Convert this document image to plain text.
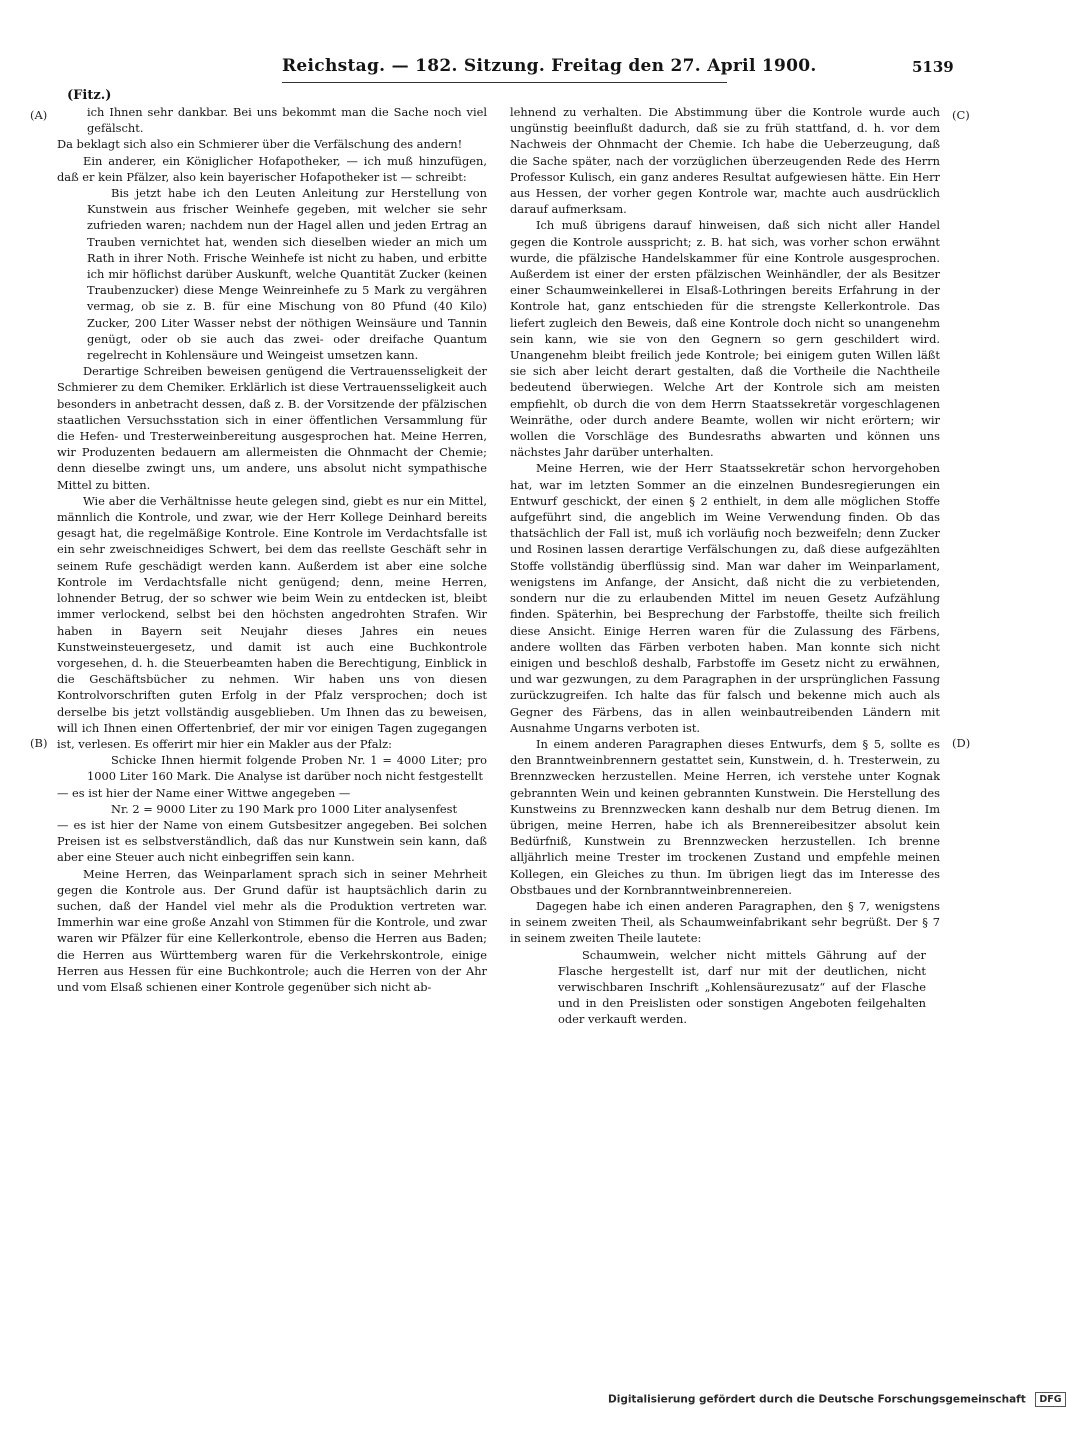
Reichstag. — 182. Sitzung. Freitag den 27. April 1900.	5139
(Fitz.)
(A)
(B)
(C)
(D)

ich Ihnen sehr dankbar. Bei uns bekommt man die Sache noch viel gefälscht.

Da beklagt sich also ein Schmierer über die Verfälschung des andern!

Ein anderer, ein Königlicher Hofapotheker, — ich muß hinzufügen, daß er kein Pfälzer, also kein bayerischer Hofapotheker ist — schreibt:

Bis jetzt habe ich den Leuten Anleitung zur Herstellung von Kunstwein aus frischer Weinhefe gegeben, mit welcher sie sehr zufrieden waren; nachdem nun der Hagel allen und jeden Ertrag an Trauben vernichtet hat, wenden sich dieselben wieder an mich um Rath in ihrer Noth. Frische Weinhefe ist nicht zu haben, und erbitte ich mir höflichst darüber Auskunft, welche Quantität Zucker (keinen Traubenzucker) diese Menge Weinreinhefe zu 5 Mark zu vergähren vermag, ob sie z. B. für eine Mischung von 80 Pfund (40 Kilo) Zucker, 200 Liter Wasser nebst der nöthigen Weinsäure und Tannin genügt, oder ob sie auch das zwei- oder dreifache Quantum regelrecht in Kohlensäure und Weingeist umsetzen kann.

Derartige Schreiben beweisen genügend die Vertrauensseligkeit der Schmierer zu dem Chemiker. Erklärlich ist diese Vertrauensseligkeit auch besonders in anbetracht dessen, daß z. B. der Vorsitzende der pfälzischen staatlichen Versuchsstation sich in einer öffentlichen Versammlung für die Hefen- und Tresterweinbereitung ausgesprochen hat. Meine Herren, wir Produzenten bedauern am allermeisten die Ohnmacht der Chemie; denn dieselbe zwingt uns, um andere, uns absolut nicht sympathische Mittel zu bitten.

Wie aber die Verhältnisse heute gelegen sind, giebt es nur ein Mittel, männlich die Kontrole, und zwar, wie der Herr Kollege Deinhard bereits gesagt hat, die regelmäßige Kontrole. Eine Kontrole im Verdachtsfalle ist ein sehr zweischneidiges Schwert, bei dem das reellste Geschäft sehr in seinem Rufe geschädigt werden kann. Außerdem ist aber eine solche Kontrole im Verdachtsfalle nicht genügend; denn, meine Herren, lohnender Betrug, der so schwer wie beim Wein zu entdecken ist, bleibt immer verlockend, selbst bei den höchsten angedrohten Strafen. Wir haben in Bayern seit Neujahr dieses Jahres ein neues Kunstweinsteuergesetz, und damit ist auch eine Buchkontrole vorgesehen, d. h. die Steuerbeamten haben die Berechtigung, Einblick in die Geschäftsbücher zu nehmen. Wir haben uns von diesen Kontrolvorschriften guten Erfolg in der Pfalz versprochen; doch ist derselbe bis jetzt vollständig ausgeblieben. Um Ihnen das zu beweisen, will ich Ihnen einen Offertenbrief, der mir vor einigen Tagen zugegangen ist, verlesen. Es offerirt mir hier ein Makler aus der Pfalz:

Schicke Ihnen hiermit folgende Proben Nr. 1 = 4000 Liter; pro 1000 Liter 160 Mark. Die Analyse ist darüber noch nicht festgestellt

— es ist hier der Name einer Wittwe angegeben —

Nr. 2 = 9000 Liter zu 190 Mark pro 1000 Liter analysenfest

— es ist hier der Name von einem Gutsbesitzer angegeben. Bei solchen Preisen ist es selbstverständlich, daß das nur Kunstwein sein kann, daß aber eine Steuer auch nicht einbegriffen sein kann.

Meine Herren, das Weinparlament sprach sich in seiner Mehrheit gegen die Kontrole aus. Der Grund dafür ist hauptsächlich darin zu suchen, daß der Handel viel mehr als die Produktion vertreten war. Immerhin war eine große Anzahl von Stimmen für die Kontrole, und zwar waren wir Pfälzer für eine Kellerkontrole, ebenso die Herren aus Baden; die Herren aus Württemberg waren für die Verkehrskontrole, einige Herren aus Hessen für eine Buchkontrole; auch die Herren von der Ahr und vom Elsaß schienen einer Kontrole gegenüber sich nicht ab-

lehnend zu verhalten. Die Abstimmung über die Kontrole wurde auch ungünstig beeinflußt dadurch, daß sie zu früh stattfand, d. h. vor dem Nachweis der Ohnmacht der Chemie. Ich habe die Ueberzeugung, daß die Sache später, nach der vorzüglichen überzeugenden Rede des Herrn Professor Kulisch, ein ganz anderes Resultat aufgewiesen hätte. Ein Herr aus Hessen, der vorher gegen Kontrole war, machte auch ausdrücklich darauf aufmerksam.

Ich muß übrigens darauf hinweisen, daß sich nicht aller Handel gegen die Kontrole ausspricht; z. B. hat sich, was vorher schon erwähnt wurde, die pfälzische Handelskammer für eine Kontrole ausgesprochen. Außerdem ist einer der ersten pfälzischen Weinhändler, der als Besitzer einer Schaumweinkellerei in Elsaß-Lothringen bereits Erfahrung in der Kontrole hat, ganz entschieden für die strengste Kellerkontrole. Das liefert zugleich den Beweis, daß eine Kontrole doch nicht so unangenehm sein kann, wie sie von den Gegnern so gern geschildert wird. Unangenehm bleibt freilich jede Kontrole; bei einigem guten Willen läßt sie sich aber leicht derart gestalten, daß die Vortheile die Nachtheile bedeutend überwiegen. Welche Art der Kontrole sich am meisten empfiehlt, ob durch die von dem Herrn Staatssekretär vorgeschlagenen Weinräthe, oder durch andere Beamte, wollen wir nicht erörtern; wir wollen die Vorschläge des Bundesraths abwarten und können uns nächstes Jahr darüber unterhalten.

Meine Herren, wie der Herr Staatssekretär schon hervorgehoben hat, war im letzten Sommer an die einzelnen Bundesregierungen ein Entwurf geschickt, der einen § 2 enthielt, in dem alle möglichen Stoffe aufgeführt sind, die angeblich im Weine Verwendung finden. Ob das thatsächlich der Fall ist, muß ich vorläufig noch bezweifeln; denn Zucker und Rosinen lassen derartige Verfälschungen zu, daß diese aufgezählten Stoffe vollständig überflüssig sind. Man war daher im Weinparlament, wenigstens im Anfange, der Ansicht, daß nicht die zu verbietenden, sondern nur die zu erlaubenden Mittel im neuen Gesetz Aufzählung finden. Späterhin, bei Besprechung der Farbstoffe, theilte sich freilich diese Ansicht. Einige Herren waren für die Zulassung des Färbens, andere wollten das Färben verboten haben. Man konnte sich nicht einigen und beschloß deshalb, Farbstoffe im Gesetz nicht zu erwähnen, und war gezwungen, zu dem Paragraphen in der ursprünglichen Fassung zurückzugreifen. Ich halte das für falsch und bekenne mich auch als Gegner des Färbens, das in allen weinbautreibenden Ländern mit Ausnahme Ungarns verboten ist.

In einem anderen Paragraphen dieses Entwurfs, dem § 5, sollte es den Branntweinbrennern gestattet sein, Kunstwein, d. h. Tresterwein, zu Brennzwecken herzustellen. Meine Herren, ich verstehe unter Kognak gebrannten Wein und keinen gebrannten Kunstwein. Die Herstellung des Kunstweins zu Brennzwecken kann deshalb nur dem Betrug dienen. Im übrigen, meine Herren, habe ich als Brennereibesitzer absolut kein Bedürfniß, Kunstwein zu Brennzwecken herzustellen. Ich brenne alljährlich meine Trester im trockenen Zustand und empfehle meinen Kollegen, ein Gleiches zu thun. Im übrigen liegt das im Interesse des Obstbaues und der Kornbranntweinbrennereien.

Dagegen habe ich einen anderen Paragraphen, den § 7, wenigstens in seinem zweiten Theil, als Schaumweinfabrikant sehr begrüßt. Der § 7 in seinem zweiten Theile lautete:

Schaumwein, welcher nicht mittels Gährung auf der Flasche hergestellt ist, darf nur mit der deutlichen, nicht verwischbaren Inschrift „Kohlensäurezusatz“ auf der Flasche und in den Preislisten oder sonstigen Angeboten feilgehalten oder verkauft werden.

Digitalisierung gefördert durch die Deutsche Forschungsgemeinschaft DFG
